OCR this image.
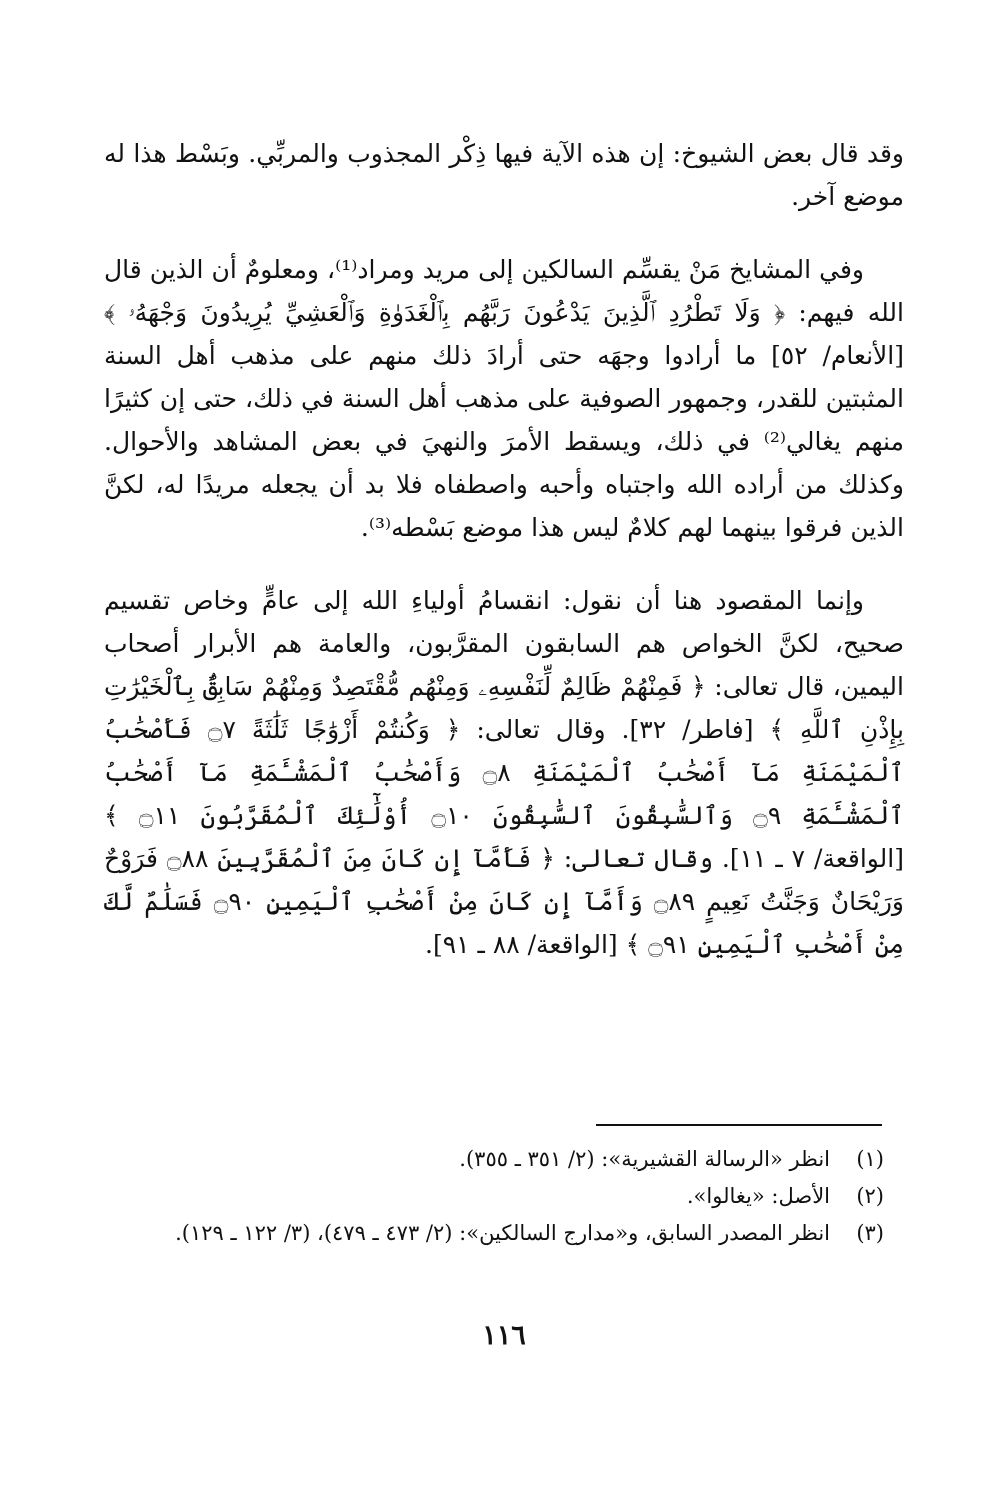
وقد قال بعض الشيوخ: إن هذه الآية فيها ذِكْر المجذوب والمربِّي. وبَسْط هذا له موضع آخر.

وفي المشايخ مَنْ يقسِّم السالكين إلى مريد ومراد⁽¹⁾، ومعلومٌ أن الذين قال الله فيهم: ﴿ وَلَا تَطْرُدِ ٱلَّذِينَ يَدْعُونَ رَبَّهُم بِٱلْغَدَوٰةِ وَٱلْعَشِيِّ يُرِيدُونَ وَجْهَهُۥ ﴾ [الأنعام/ ٥٢] ما أرادوا وجهَه حتى أرادَ ذلك منهم على مذهب أهل السنة المثبتين للقدر، وجمهور الصوفية على مذهب أهل السنة في ذلك، حتى إن كثيرًا منهم يغالي⁽²⁾ في ذلك، ويسقط الأمرَ والنهيَ في بعض المشاهد والأحوال. وكذلك من أراده الله واجتباه وأحبه واصطفاه فلا بد أن يجعله مريدًا له، لكنَّ الذين فرقوا بينهما لهم كلامٌ ليس هذا موضع بَسْطه⁽³⁾.

وإنما المقصود هنا أن نقول: انقسامُ أولياءِ الله إلى عامٍّ وخاص تقسيم صحيح، لكنَّ الخواص هم السابقون المقرَّبون، والعامة هم الأبرار أصحاب اليمين، قال تعالى: ﴿ فَمِنْهُمْ ظَالِمٌ لِّنَفْسِهِۦ وَمِنْهُم مُّقْتَصِدٌ وَمِنْهُمْ سَابِقٌۢ بِٱلْخَيْرَٰتِ بِإِذْنِ ٱللَّهِ ﴾ [فاطر/ ٣٢]. وقال تعالى: ﴿ وَكُنتُمْ أَزْوَٰجًا ثَلَٰثَةً ۝٧ فَأَصْحَٰبُ ٱلْمَيْمَنَةِ مَآ أَصْحَٰبُ ٱلْمَيْمَنَةِ ۝٨ وَأَصْحَٰبُ ٱلْمَشْـَٔمَةِ مَآ أَصْحَٰبُ ٱلْمَشْـَٔمَةِ ۝٩ وَٱلسَّٰبِقُونَ ٱلسَّٰبِقُونَ ۝١٠ أُوْلَٰٓئِكَ ٱلْمُقَرَّبُونَ ۝١١ ﴾ [الواقعة/ ٧ ـ ١١]. وقال تعالى: ﴿ فَأَمَّآ إِن كَانَ مِنَ ٱلْمُقَرَّبِينَ ۝٨٨ فَرَوْحٌ وَرَيْحَانٌ وَجَنَّتُ نَعِيمٍ ۝٨٩ وَأَمَّآ إِن كَانَ مِنْ أَصْحَٰبِ ٱلْيَمِينِ ۝٩٠ فَسَلَٰمٌ لَّكَ مِنْ أَصْحَٰبِ ٱلْيَمِينِ ۝٩١ ﴾ [الواقعة/ ٨٨ ـ ٩١].

(١)
انظر «الرسالة القشيرية»: (٢/ ٣٥١ ـ ٣٥٥).
(٢)
الأصل: «يغالوا».
(٣)
انظر المصدر السابق، و«مدارج السالكين»: (٢/ ٤٧٣ ـ ٤٧٩)، (٣/ ١٢٢ ـ ١٢٩).
١١٦
